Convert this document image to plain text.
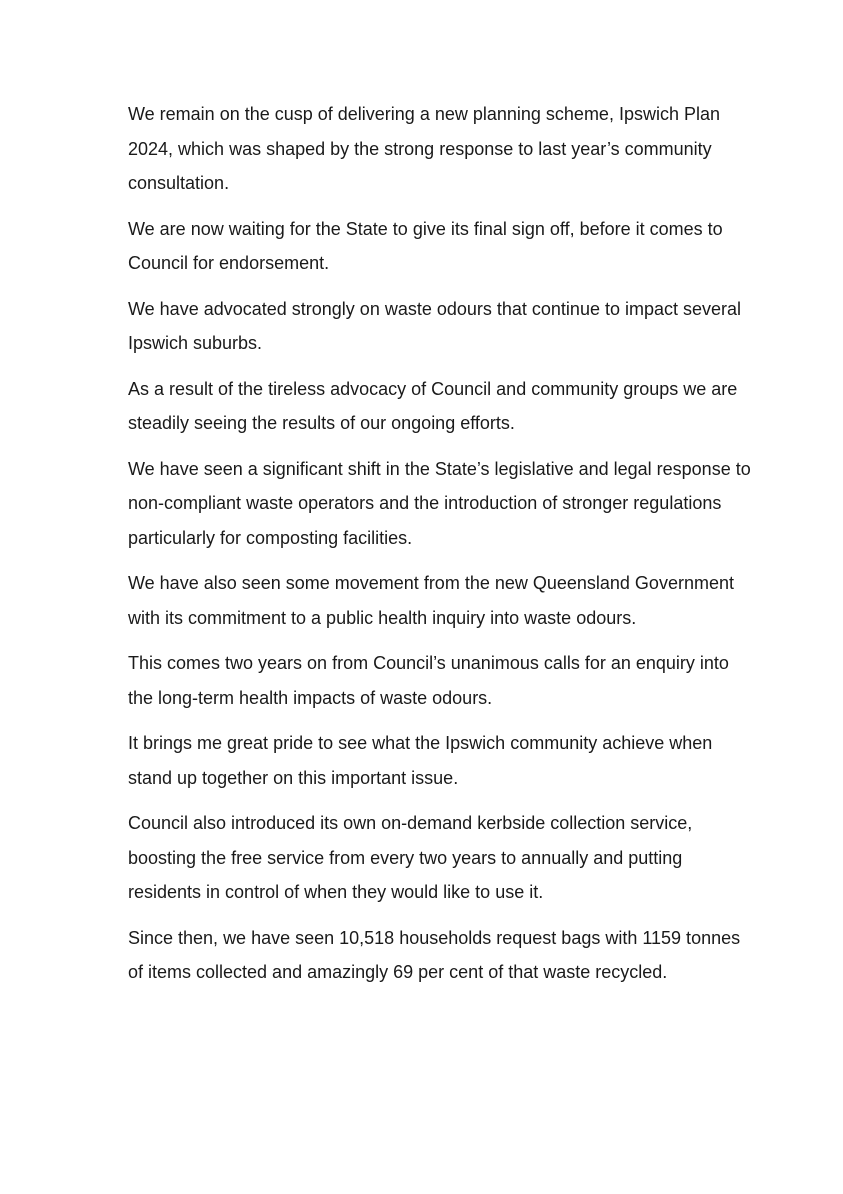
We remain on the cusp of delivering a new planning scheme, Ipswich Plan 2024, which was shaped by the strong response to last year’s community consultation.

We are now waiting for the State to give its final sign off, before it comes to Council for endorsement.

We have advocated strongly on waste odours that continue to impact several Ipswich suburbs.

As a result of the tireless advocacy of Council and community groups we are steadily seeing the results of our ongoing efforts.

We have seen a significant shift in the State’s legislative and legal response to non-compliant waste operators and the introduction of stronger regulations particularly for composting facilities.

We have also seen some movement from the new Queensland Government with its commitment to a public health inquiry into waste odours.

This comes two years on from Council’s unanimous calls for an enquiry into the long-term health impacts of waste odours.

It brings me great pride to see what the Ipswich community achieve when stand up together on this important issue.

Council also introduced its own on-demand kerbside collection service, boosting the free service from every two years to annually and putting residents in control of when they would like to use it.

Since then, we have seen 10,518 households request bags with 1159 tonnes of items collected and amazingly 69 per cent of that waste recycled.
